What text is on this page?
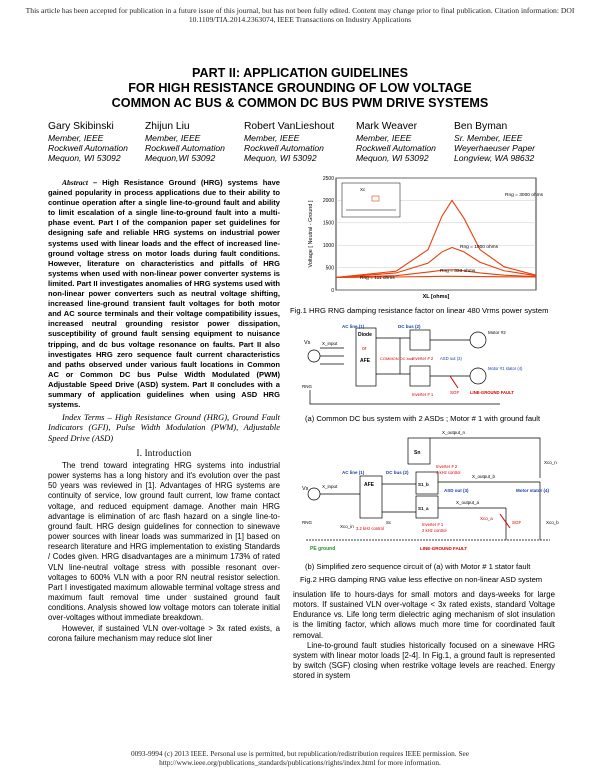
This article has been accepted for publication in a future issue of this journal, but has not been fully edited. Content may change prior to final publication. Citation information: DOI
10.1109/TIA.2014.2363074, IEEE Transactions on Industry Applications
PART II: APPLICATION GUIDELINES
FOR HIGH RESISTANCE GROUNDING OF LOW VOLTAGE
COMMON AC BUS & COMMON DC BUS PWM DRIVE SYSTEMS
Gary Skibinski
Member, IEEE
Rockwell Automation
Mequon, WI 53092
Zhijun Liu
Member, IEEE
Rockwell Automation
Mequon,WI 53092
Robert VanLieshout
Member, IEEE
Rockwell Automation
Mequon, WI 53092
Mark Weaver
Member, IEEE
Rockwell Automation
Mequon, WI 53092
Ben Byman
Sr. Member, IEEE
Weyerhaeuser Paper
Longview, WA 98632

Abstract – High Resistance Ground (HRG) systems have gained popularity in process applications due to their ability to continue operation after a single line-to-ground fault and ability to limit escalation of a single line-to-ground fault into a multi-phase event. Part I of the companion paper set guidelines for designing safe and reliable HRG systems on industrial power systems used with linear loads and the effect of increased line-ground voltage stress on motor loads during fault conditions. However, literature on characteristics and pitfalls of HRG systems when used with non-linear power converter systems is limited. Part II investigates anomalies of HRG systems used with non-linear power converters such as neutral voltage shifting, increased line-ground transient fault voltages for both motor and AC source terminals and their voltage compatibility issues, increased neutral grounding resistor power dissipation, susceptibility of ground fault sensing equipment to nuisance tripping, and dc bus voltage resonance on faults. Part II also investigates HRG zero sequence fault current characteristics and paths observed under various fault locations in Common AC or Common DC bus Pulse Width Modulated (PWM) Adjustable Speed Drive (ASD) system. Part II concludes with a summary of application guidelines when using ASD HRG systems.

Index Terms – High Resistance Ground (HRG), Ground Fault Indicators (GFI), Pulse Width Modulation (PWM), Adjustable Speed Drive (ASD)

I. Introduction

The trend toward integrating HRG systems into industrial power systems has a long history and it's evolution over the past 50 years was reviewed in [1]. Advantages of HRG systems are continuity of service, low ground fault current, low frame contact voltage, and reduced equipment damage. Another main HRG advantage is elimination of arc flash hazard on a single line-to-ground fault. HRG design guidelines for connection to sinewave power sources with linear loads was summarized in [1] based on research literature and HRG implementation to existing Standards / Codes given. HRG disadvantages are a minimum 173% of rated VLN line-neutral voltage stress with possible resonant over-voltages to 600% VLN with a poor RN neutral resistor selection. Part I investigated maximum allowable terminal voltage stress and maximum fault removal time under sustained ground fault conditions. Analysis showed low voltage motors can tolerate initial over-voltages without immediate breakdown.

However, if sustained VLN over-voltage > 3x rated exists, a corona failure mechanism may reduce slot liner

0
500
1000
1500
2000
2500
Voltage [ Neutral - Ground ]
XL [ohms]
Xc
Rng = 3000 ohms
Rng = 1000 ohms
Rng = 333 ohms
Rng = 111 ohms
Fig.1 HRG RNG damping resistance factor on linear 480 Vrms power system
Vs	X_input
AC line (1)
Diode
or
AFE
DC bus (2)
COMMON DC bus
Inverter # 2 ASD out (3)
Motor #2
Motor #1 stator (4)
Inverter # 1	LINE-GROUND FAULT
SGF
RNG
(a) Common DC bus system with 2 ASDs ; Motor # 1 with ground fault
X_output_n
Sn
Inverter # 2
4 kHz control
X_output_b
Xco_n
AC line (1)	DC bus (2)
AFE
ASD out (3)	Motor stator (4)
X_input	S1_b
S1_a
X_output_a
Vs
RNG
Xco_in	Inverter # 1
2 kHz control
3.2 kHz control
Sc
PE ground	LINE-GROUND FAULT
Xco_b
Xco_a
SGF
(b) Simplified zero sequence circuit of (a) with Motor # 1 stator fault
Fig.2 HRG damping RNG value less effective on non-linear ASD system

insulation life to hours-days for small motors and days-weeks for large motors. If sustained VLN over-voltage < 3x rated exists, standard Voltage Endurance vs. Life long term dielectric aging mechanism of slot insulation is the limiting factor, which allows much more time for coordinated fault removal.

Line-to-ground fault studies historically focused on a sinewave HRG system with linear motor loads [2-4]. In Fig.1, a ground fault is represented by switch (SGF) closing when restrike voltage levels are reached. Energy stored in system

0093-9994 (c) 2013 IEEE. Personal use is permitted, but republication/redistribution requires IEEE permission. See
http://www.ieee.org/publications_standards/publications/rights/index.html for more information.
